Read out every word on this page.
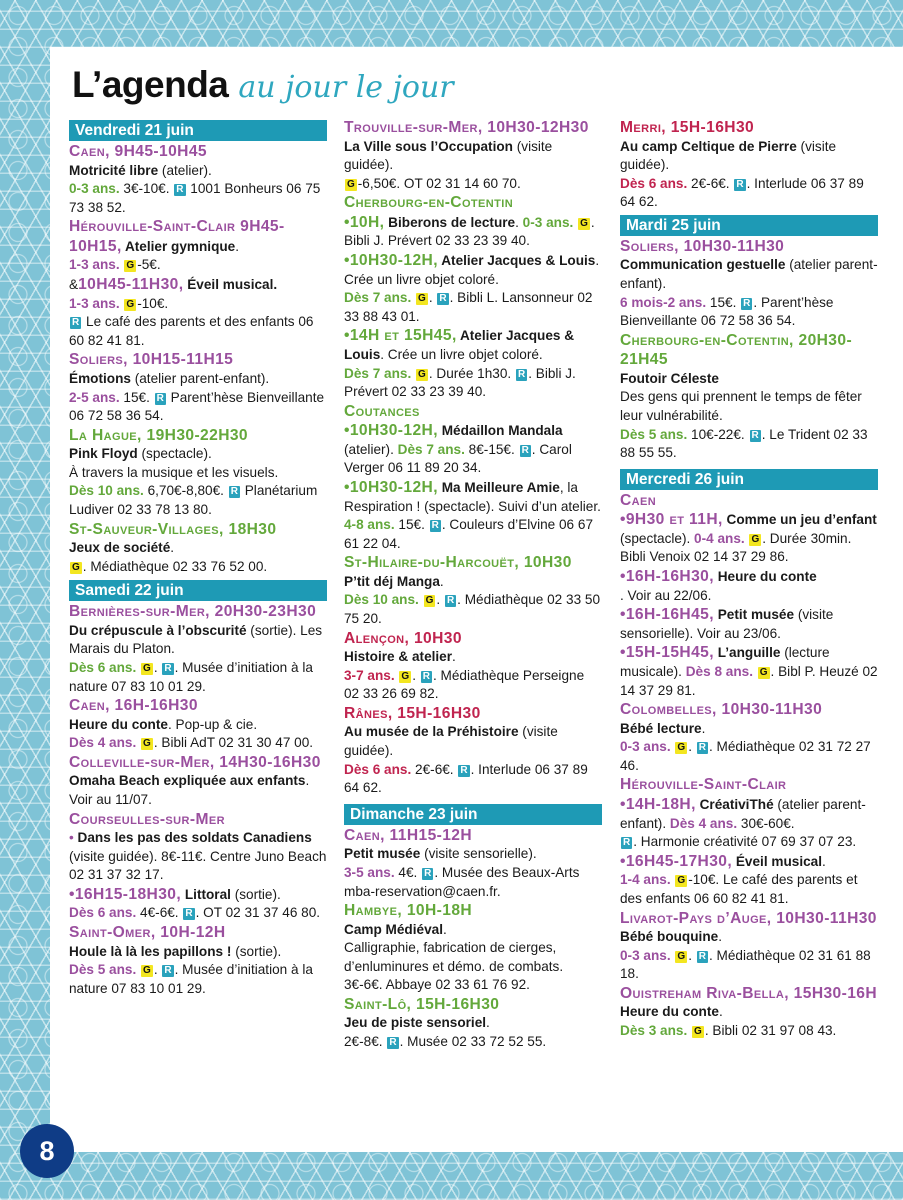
L’agenda au jour le jour
Vendredi 21 juin
Caen, 9H45-10H45

Motricité libre (atelier).
0-3 ans. 3€-10€. R 1001 Bonheurs 06 75 73 38 52.

Hérouville-Saint-Clair 9H45-10H15, Atelier gymnique.
1-3 ans. G -5€.
&10H45-11H30, Éveil musical.
1-3 ans. G -10€.
R Le café des parents et des enfants 06 60 82 41 81.

Soliers, 10H15-11H15

Émotions (atelier parent-enfant).
2-5 ans. 15€. R Parent’hèse Bienveillante 06 72 58 36 54.

La Hague, 19H30-22H30

Pink Floyd (spectacle).
À travers la musique et les visuels.
Dès 10 ans. 6,70€-8,80€. R Planétarium Ludiver 02 33 78 13 80.

St-Sauveur-Villages, 18H30

Jeux de société.
G . Médiathèque 02 33 76 52 00.

Samedi 22 juin
Bernières-sur-Mer, 20H30-23H30

Du crépuscule à l’obscurité (sortie). Les Marais du Platon.
Dès 6 ans. G . R . Musée d’initiation à la nature 07 83 10 01 29.

Caen, 16H-16H30

Heure du conte. Pop-up & cie.
Dès 4 ans. G . Bibli AdT 02 31 30 47 00.

Colleville-sur-Mer, 14H30-16H30

Omaha Beach expliquée aux enfants. Voir au 11/07.

Courseulles-sur-Mer

• Dans les pas des soldats Canadiens (visite guidée). 8€-11€. Centre Juno Beach 02 31 37 32 17.
•16H15-18H30, Littoral (sortie).
Dès 6 ans. 4€-6€. R . OT 02 31 37 46 80.

Saint-Omer, 10H-12H

Houle là là les papillons ! (sortie).
Dès 5 ans. G . R . Musée d’initiation à la nature 07 83 10 01 29.

Trouville-sur-Mer, 10H30-12H30

La Ville sous l’Occupation (visite guidée).
G -6,50€. OT 02 31 14 60 70.

Cherbourg-en-Cotentin

•10H, Biberons de lecture. 0-3 ans. G . Bibli J. Prévert 02 33 23 39 40.

•10H30-12H, Atelier Jacques & Louis. Crée un livre objet coloré.
Dès 7 ans. G . R . Bibli L. Lansonneur 02 33 88 43 01.

•14H et 15H45, Atelier Jacques & Louis. Crée un livre objet coloré.
Dès 7 ans. G . Durée 1h30. R . Bibli J. Prévert 02 33 23 39 40.

Coutances

•10H30-12H, Médaillon Mandala
(atelier). Dès 7 ans. 8€-15€. R . Carol Verger 06 11 89 20 34.

•10H30-12H, Ma Meilleure Amie, la Respiration ! (spectacle). Suivi d’un atelier. 4-8 ans. 15€. R . Couleurs d’Elvine 06 67 61 22 04.

St-Hilaire-du-Harcouët, 10H30

P’tit déj Manga.
Dès 10 ans. G . R . Médiathèque 02 33 50 75 20.

Alençon, 10H30

Histoire & atelier.
3-7 ans. G . R . Médiathèque Perseigne 02 33 26 69 82.

Rânes, 15H-16H30

Au musée de la Préhistoire (visite guidée).
Dès 6 ans. 2€-6€. R . Interlude 06 37 89 64 62.

Dimanche 23 juin
Caen, 11H15-12H

Petit musée (visite sensorielle).
3-5 ans. 4€. R . Musée des Beaux-Arts mba-reservation@caen.fr.

Hambye, 10H-18H

Camp Médiéval.
Calligraphie, fabrication de cierges, d’enluminures et démo. de combats. 3€-6€. Abbaye 02 33 61 76 92.

Saint-Lô, 15H-16H30

Jeu de piste sensoriel.
2€-8€. R . Musée 02 33 72 52 55.

Merri, 15H-16H30

Au camp Celtique de Pierre (visite guidée).
Dès 6 ans. 2€-6€. R . Interlude 06 37 89 64 62.

Mardi 25 juin
Soliers, 10H30-11H30

Communication gestuelle (atelier parent-enfant).
6 mois-2 ans. 15€. R . Parent’hèse Bienveillante 06 72 58 36 54.

Cherbourg-en-Cotentin, 20H30-21H45

Foutoir Céleste
Des gens qui prennent le temps de fêter leur vulnérabilité.
Dès 5 ans. 10€-22€. R . Le Trident 02 33 88 55 55.

Mercredi 26 juin
Caen

•9H30 et 11H, Comme un jeu d’enfant (spectacle). 0-4 ans. G . Durée 30min. Bibli Venoix 02 14 37 29 86.

•16H-16H30, Heure du conte
. Voir au 22/06.

•16H-16H45, Petit musée (visite sensorielle). Voir au 23/06.

•15H-15H45, L’anguille (lecture musicale). Dès 8 ans. G . Bibl P. Heuzé 02 14 37 29 81.

Colombelles, 10H30-11H30

Bébé lecture.
0-3 ans. G . R . Médiathèque 02 31 72 27 46.

Hérouville-Saint-Clair

•14H-18H, CréativiThé (atelier parent-enfant). Dès 4 ans. 30€-60€.
R . Harmonie créativité 07 69 37 07 23.

•16H45-17H30, Éveil musical.
1-4 ans. G -10€. Le café des parents et des enfants 06 60 82 41 81.

Livarot-Pays d’Auge, 10H30-11H30

Bébé bouquine.
0-3 ans. G . R . Médiathèque 02 31 61 88 18.

Ouistreham Riva-Bella, 15H30-16H

Heure du conte.
Dès 3 ans. G . Bibli 02 31 97 08 43.

8
